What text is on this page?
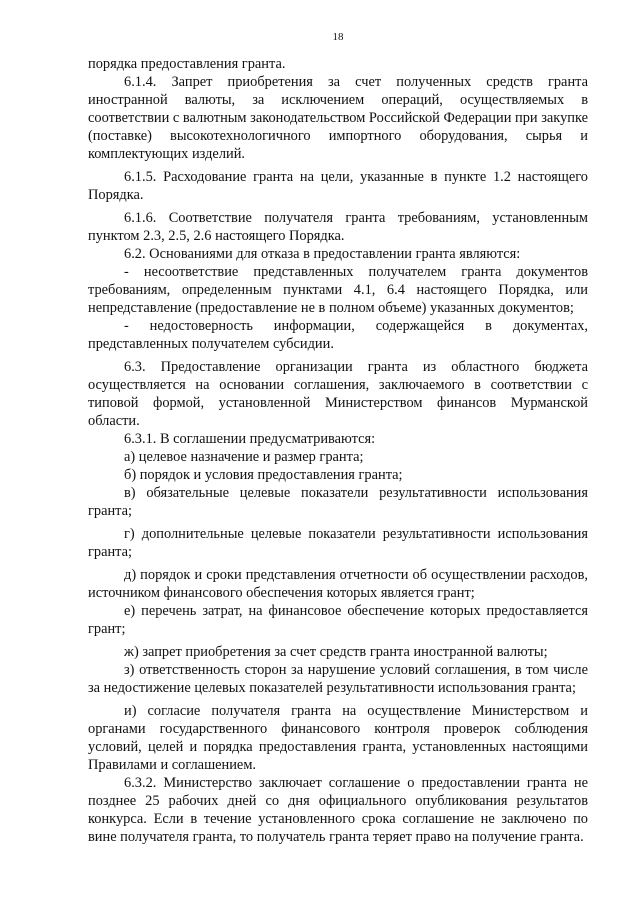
18

порядка предоставления гранта.

6.1.4. Запрет приобретения за счет полученных средств гранта иностранной валюты, за исключением операций, осуществляемых в соответствии с валютным законодательством Российской Федерации при закупке (поставке) высокотехнологичного импортного оборудования, сырья и комплектующих изделий.

6.1.5. Расходование гранта на цели, указанные в пункте 1.2 настоящего Порядка.

6.1.6. Соответствие получателя гранта требованиям, установленным пунктом 2.3, 2.5, 2.6 настоящего Порядка.

6.2. Основаниями для отказа в предоставлении гранта являются:

- несоответствие представленных получателем гранта документов требованиям, определенным пунктами 4.1, 6.4 настоящего Порядка, или непредставление (предоставление не в полном объеме) указанных документов;

- недостоверность информации, содержащейся в документах, представленных получателем субсидии.

6.3. Предоставление организации гранта из областного бюджета осуществляется на основании соглашения, заключаемого в соответствии с типовой формой, установленной Министерством финансов Мурманской области.

6.3.1. В соглашении предусматриваются:

а) целевое назначение и размер гранта;

б) порядок и условия предоставления гранта;

в) обязательные целевые показатели результативности использования гранта;

г) дополнительные целевые показатели результативности использования гранта;

д) порядок и сроки представления отчетности об осуществлении расходов, источником финансового обеспечения которых является грант;

е) перечень затрат, на финансовое обеспечение которых предоставляется грант;

ж) запрет приобретения за счет средств гранта иностранной валюты;

з) ответственность сторон за нарушение условий соглашения, в том числе за недостижение целевых показателей результативности использования гранта;

и) согласие получателя гранта на осуществление Министерством и органами государственного финансового контроля проверок соблюдения условий, целей и порядка предоставления гранта, установленных настоящими Правилами и соглашением.

6.3.2. Министерство заключает соглашение о предоставлении гранта не позднее 25 рабочих дней со дня официального опубликования результатов конкурса. Если в течение установленного срока соглашение не заключено по вине получателя гранта, то получатель гранта теряет право на получение гранта.
